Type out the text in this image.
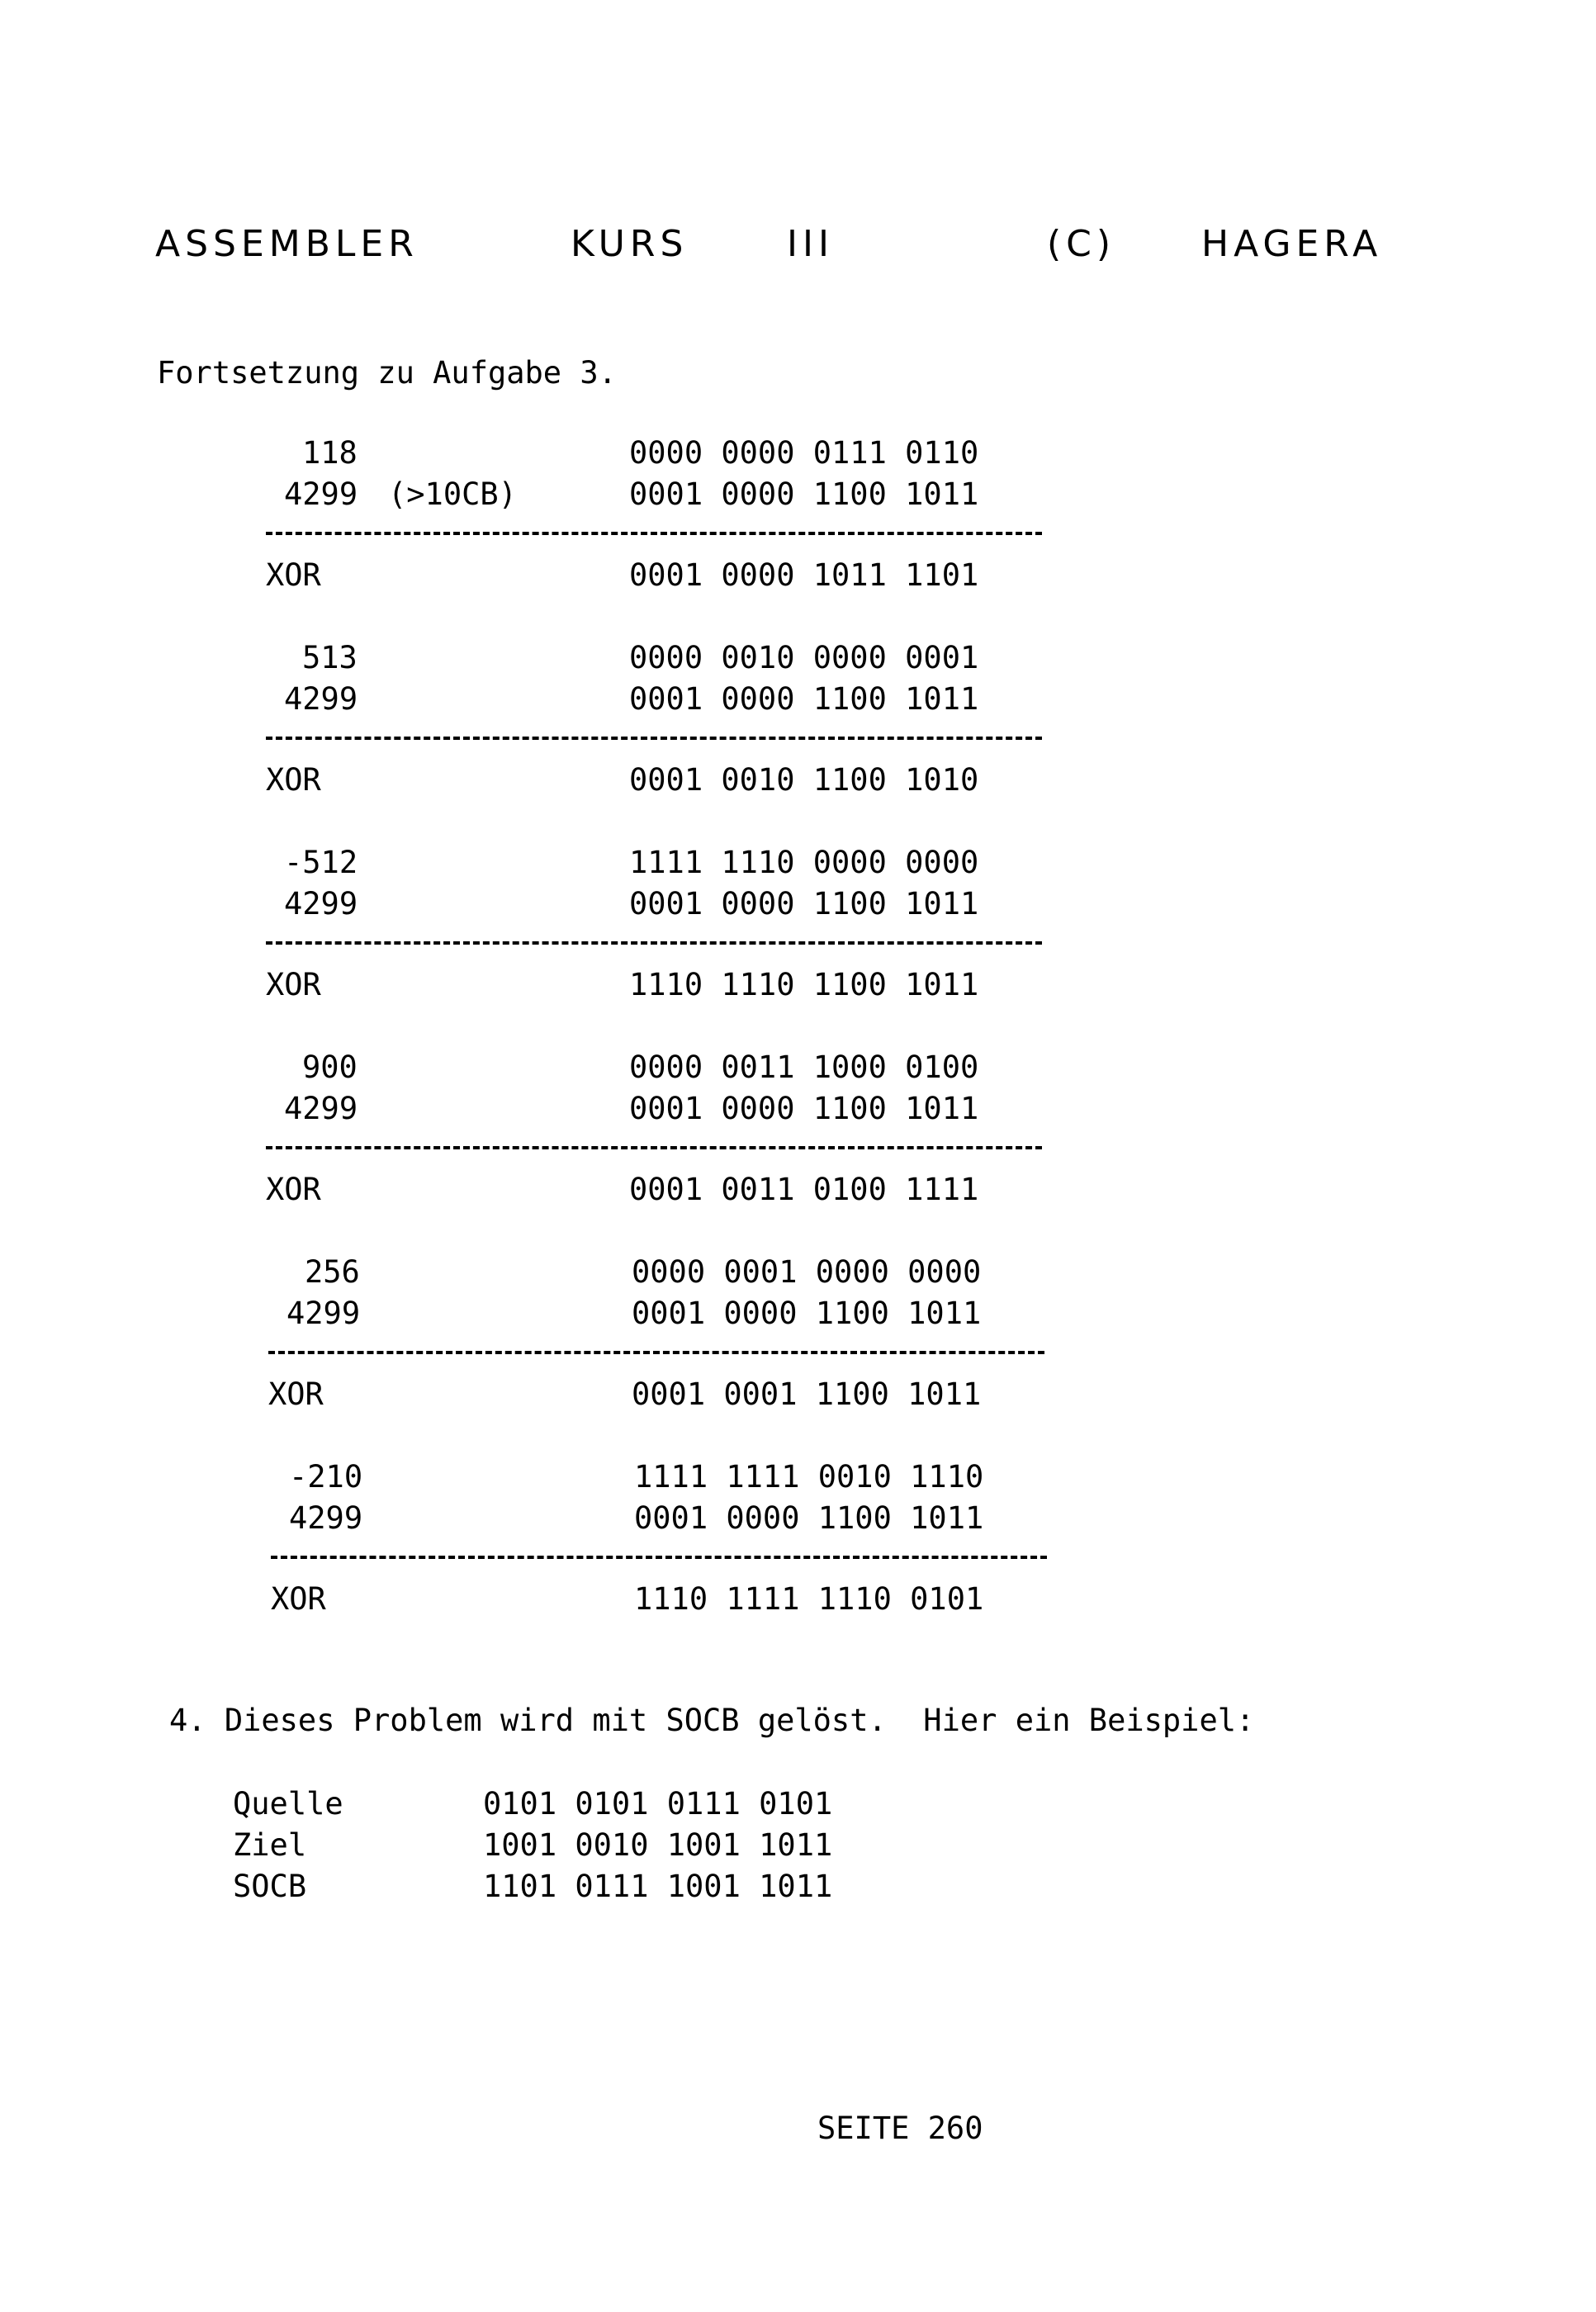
ASSEMBLER

	KURS

	III

	(C)

HAGERA

Fortsetzung zu Aufgabe 3.

118	0000 0000 0111 0110

4299 (>10CB)	0001 0000 1100 1011

XOR	0001 0000 1011 1101

513	0000 0010 0000 0001

4299	0001 0000 1100 1011

XOR	0001 0010 1100 1010

-512	1111 1110 0000 0000

4299	0001 0000 1100 1011

XOR	1110 1110 1100 1011

900	0000 0011 1000 0100

4299	0001 0000 1100 1011

XOR	0001 0011 0100 1111

256	0000 0001 0000 0000

4299	0001 0000 1100 1011

XOR	0001 0001 1100 1011

-210	1111 1111 0010 1110

4299	0001 0000 1100 1011

XOR	1110 1111 1110 0101

4. Dieses Problem wird mit SOCB gelöst.  Hier ein Beispiel:

Quelle	0101 0101 0111 0101

Ziel	1001 0010 1001 1011

SOCB	1101 0111 1001 1011

SEITE 260
